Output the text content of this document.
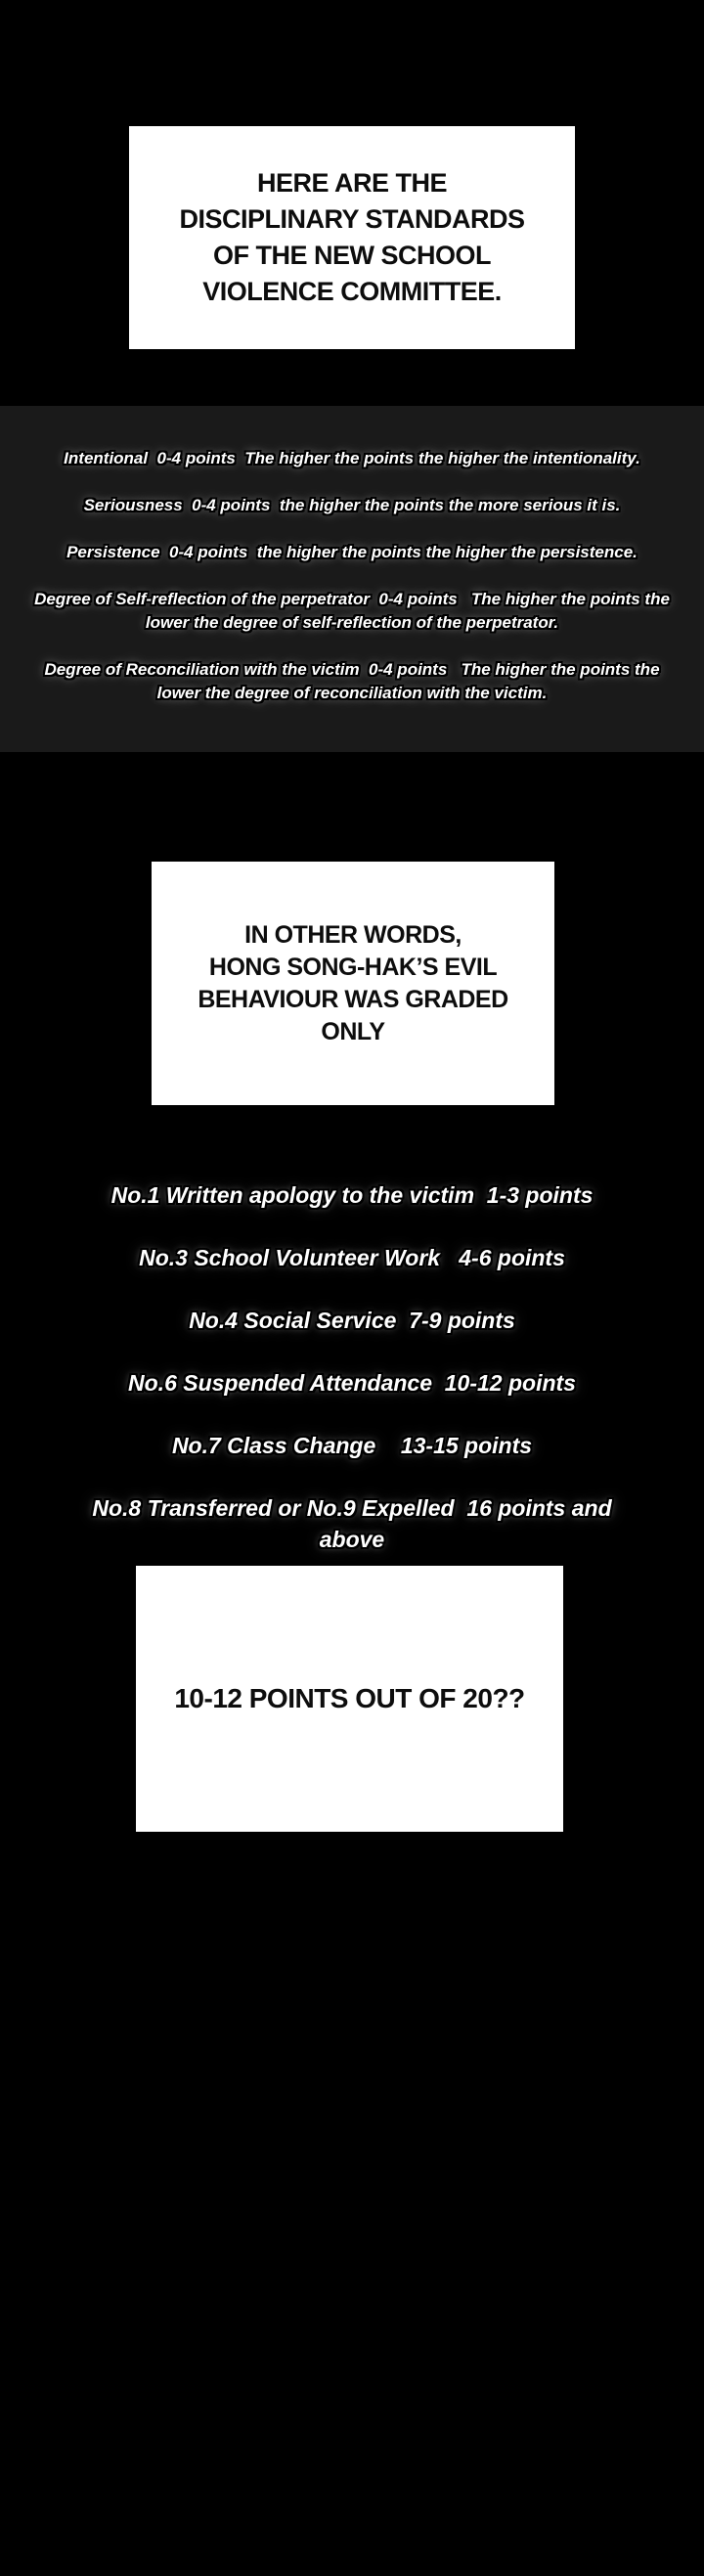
HERE ARE THE
DISCIPLINARY STANDARDS
OF THE NEW SCHOOL
VIOLENCE COMMITTEE.

Intentional  0-4 points  The higher the points the higher the intentionality.

Seriousness  0-4 points  the higher the points the more serious it is.

Persistence  0-4 points  the higher the points the higher the persistence.

Degree of Self-reflection of the perpetrator  0-4 points   The higher the points the lower the degree of self-reflection of the perpetrator.

Degree of Reconciliation with the victim  0-4 points   The higher the points the lower the degree of reconciliation with the victim.

IN OTHER WORDS,
HONG SONG-HAK’S EVIL
BEHAVIOUR WAS GRADED
ONLY

No.1 Written apology to the victim  1-3 points

No.3 School Volunteer Work   4-6 points

No.4 Social Service  7-9 points

No.6 Suspended Attendance  10-12 points

No.7 Class Change    13-15 points

No.8 Transferred or No.9 Expelled  16 points and above

10-12 POINTS OUT OF 20??
